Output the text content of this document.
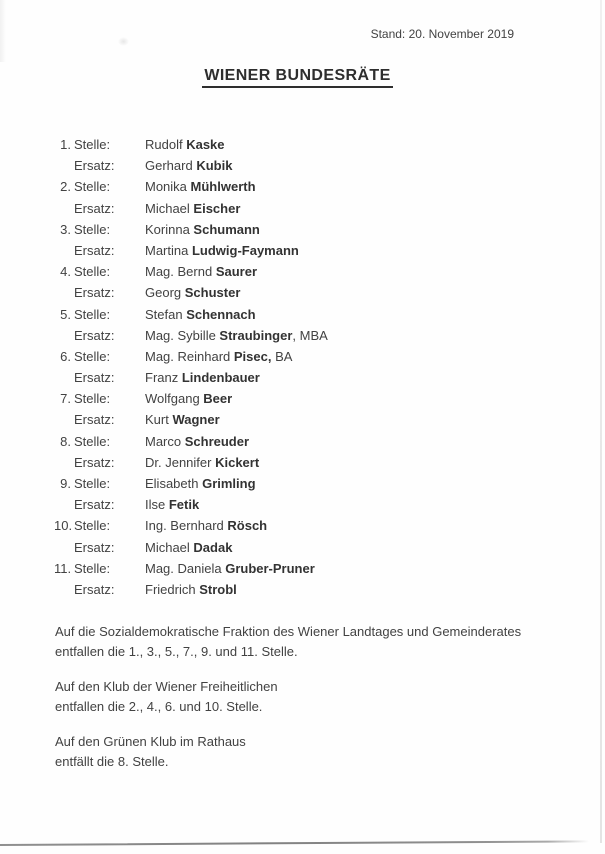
Stand: 20. November 2019
WIENER BUNDESRÄTE
1. Stelle:	Rudolf Kaske
Ersatz: Gerhard Kubik
2. Stelle:	Monika Mühlwerth
Ersatz: Michael Eischer
3. Stelle:	Korinna Schumann
Ersatz: Martina Ludwig-Faymann
4. Stelle:	Mag. Bernd Saurer
Ersatz: Georg Schuster
5. Stelle:	Stefan Schennach
Ersatz: Mag. Sybille Straubinger, MBA
6. Stelle:	Mag. Reinhard Pisec, BA
Ersatz: Franz Lindenbauer
7. Stelle:	Wolfgang Beer
Ersatz: Kurt Wagner
8. Stelle:	Marco Schreuder
Ersatz: Dr. Jennifer Kickert
9. Stelle:	Elisabeth Grimling
Ersatz: Ilse Fetik
10. Stelle:	Ing. Bernhard Rösch
Ersatz: Michael Dadak
11. Stelle:	Mag. Daniela Gruber-Pruner
Ersatz: Friedrich Strobl
Auf die Sozialdemokratische Fraktion des Wiener Landtages und Gemeinderates
entfallen die 1., 3., 5., 7., 9. und 11. Stelle.
Auf den Klub der Wiener Freiheitlichen
entfallen die 2., 4., 6. und 10. Stelle.
Auf den Grünen Klub im Rathaus
entfällt die 8. Stelle.
